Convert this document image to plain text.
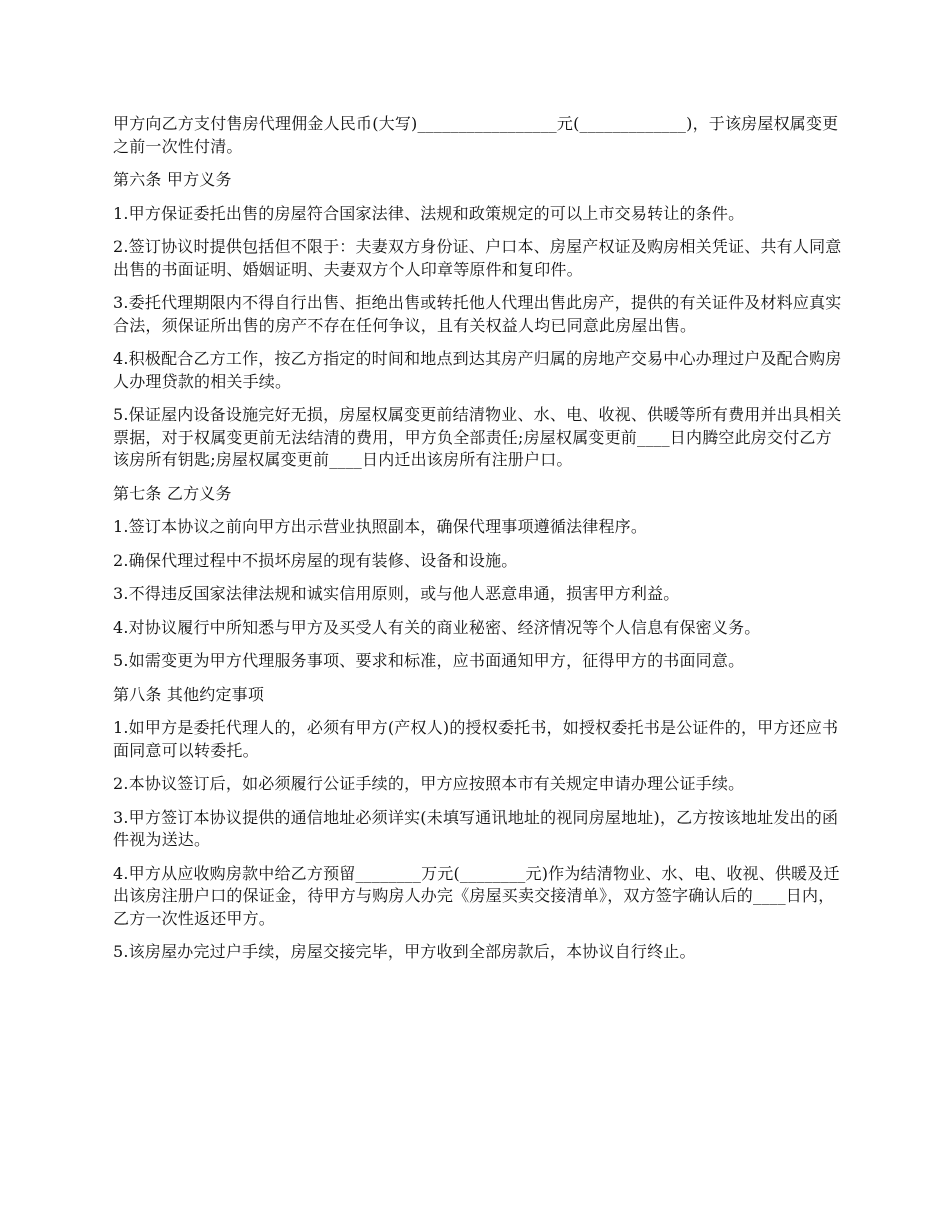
甲方向乙方支付售房代理佣金人民币(大写)_________________元(_____________)，于该房屋权属变更之前一次性付清。

第六条 甲方义务

1.甲方保证委托出售的房屋符合国家法律、法规和政策规定的可以上市交易转让的条件。

2.签订协议时提供包括但不限于：夫妻双方身份证、户口本、房屋产权证及购房相关凭证、共有人同意出售的书面证明、婚姻证明、夫妻双方个人印章等原件和复印件。

3.委托代理期限内不得自行出售、拒绝出售或转托他人代理出售此房产，提供的有关证件及材料应真实合法，须保证所出售的房产不存在任何争议，且有关权益人均已同意此房屋出售。

4.积极配合乙方工作，按乙方指定的时间和地点到达其房产归属的房地产交易中心办理过户及配合购房人办理贷款的相关手续。

5.保证屋内设备设施完好无损，房屋权属变更前结清物业、水、电、收视、供暖等所有费用并出具相关票据，对于权属变更前无法结清的费用，甲方负全部责任;房屋权属变更前____日内腾空此房交付乙方该房所有钥匙;房屋权属变更前____日内迁出该房所有注册户口。

第七条 乙方义务

1.签订本协议之前向甲方出示营业执照副本，确保代理事项遵循法律程序。

2.确保代理过程中不损坏房屋的现有装修、设备和设施。

3.不得违反国家法律法规和诚实信用原则，或与他人恶意串通，损害甲方利益。

4.对协议履行中所知悉与甲方及买受人有关的商业秘密、经济情况等个人信息有保密义务。

5.如需变更为甲方代理服务事项、要求和标准，应书面通知甲方，征得甲方的书面同意。

第八条 其他约定事项

1.如甲方是委托代理人的，必须有甲方(产权人)的授权委托书，如授权委托书是公证件的，甲方还应书面同意可以转委托。

2.本协议签订后，如必须履行公证手续的，甲方应按照本市有关规定申请办理公证手续。

3.甲方签订本协议提供的通信地址必须详实(未填写通讯地址的视同房屋地址)，乙方按该地址发出的函件视为送达。

4.甲方从应收购房款中给乙方预留________万元(________元)作为结清物业、水、电、收视、供暖及迁出该房注册户口的保证金，待甲方与购房人办完《房屋买卖交接清单》，双方签字确认后的____日内，乙方一次性返还甲方。

5.该房屋办完过户手续，房屋交接完毕，甲方收到全部房款后，本协议自行终止。
